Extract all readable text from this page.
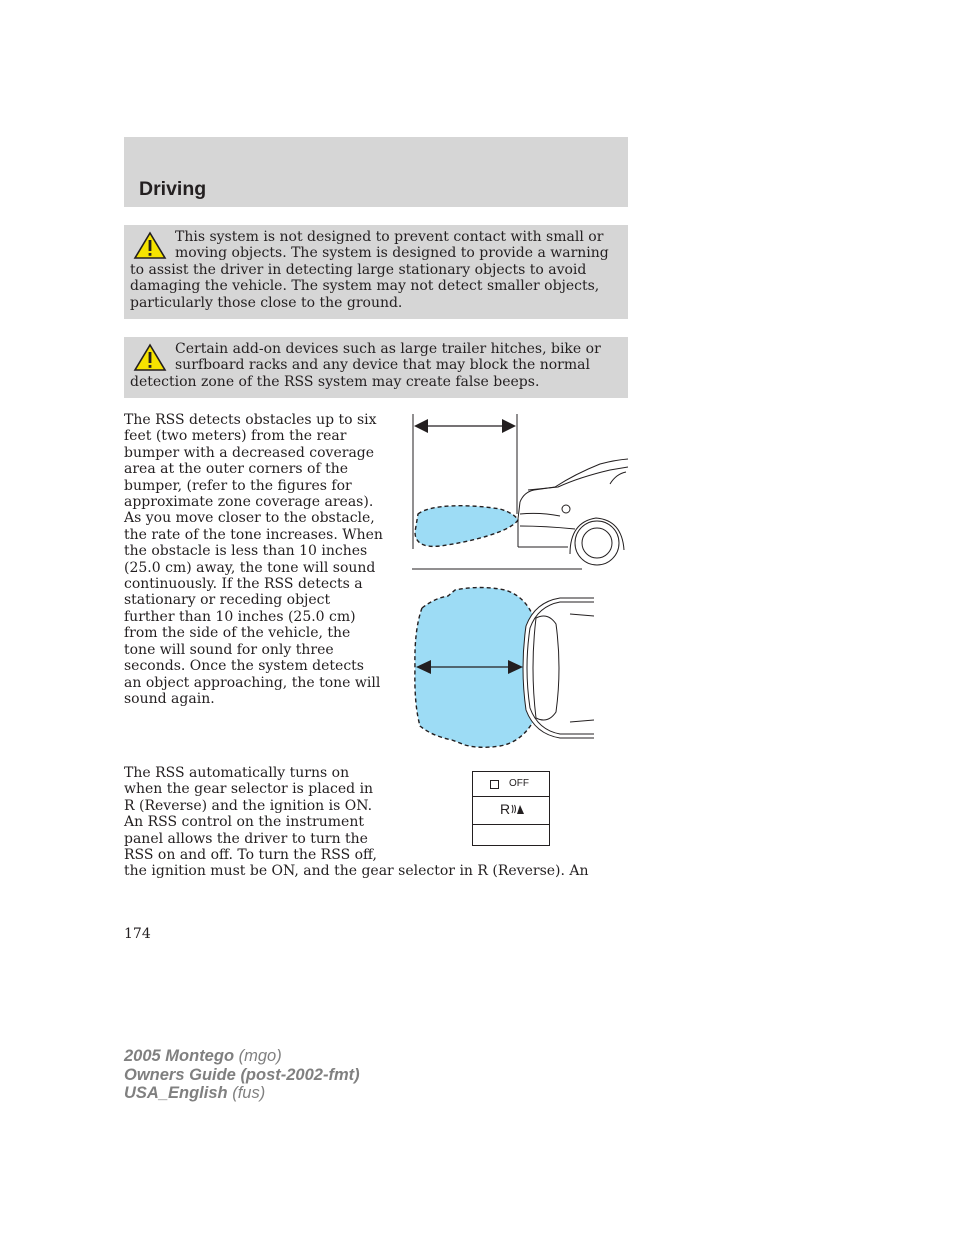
Driving
This system is not designed to prevent contact with small or moving objects. The system is designed to provide a warning to assist the driver in detecting large stationary objects to avoid damaging the vehicle. The system may not detect smaller objects, particularly those close to the ground.
Certain add-on devices such as large trailer hitches, bike or surfboard racks and any device that may block the normal detection zone of the RSS system may create false beeps.
The RSS detects obstacles up to six feet (two meters) from the rear bumper with a decreased coverage area at the outer corners of the bumper, (refer to the figures for approximate zone coverage areas). As you move closer to the obstacle, the rate of the tone increases. When the obstacle is less than 10 inches (25.0 cm) away, the tone will sound continuously. If the RSS detects a stationary or receding object further than 10 inches (25.0 cm) from the side of the vehicle, the tone will sound for only three seconds. Once the system detects an object approaching, the tone will sound again.
The RSS automatically turns on when the gear selector is placed in R (Reverse) and the ignition is ON. An RSS control on the instrument panel allows the driver to turn the RSS on and off. To turn the RSS off,
the ignition must be ON, and the gear selector in R (Reverse). An
OFF
R
174
2005 Montego (mgo)
Owners Guide (post-2002-fmt)
USA_English (fus)
